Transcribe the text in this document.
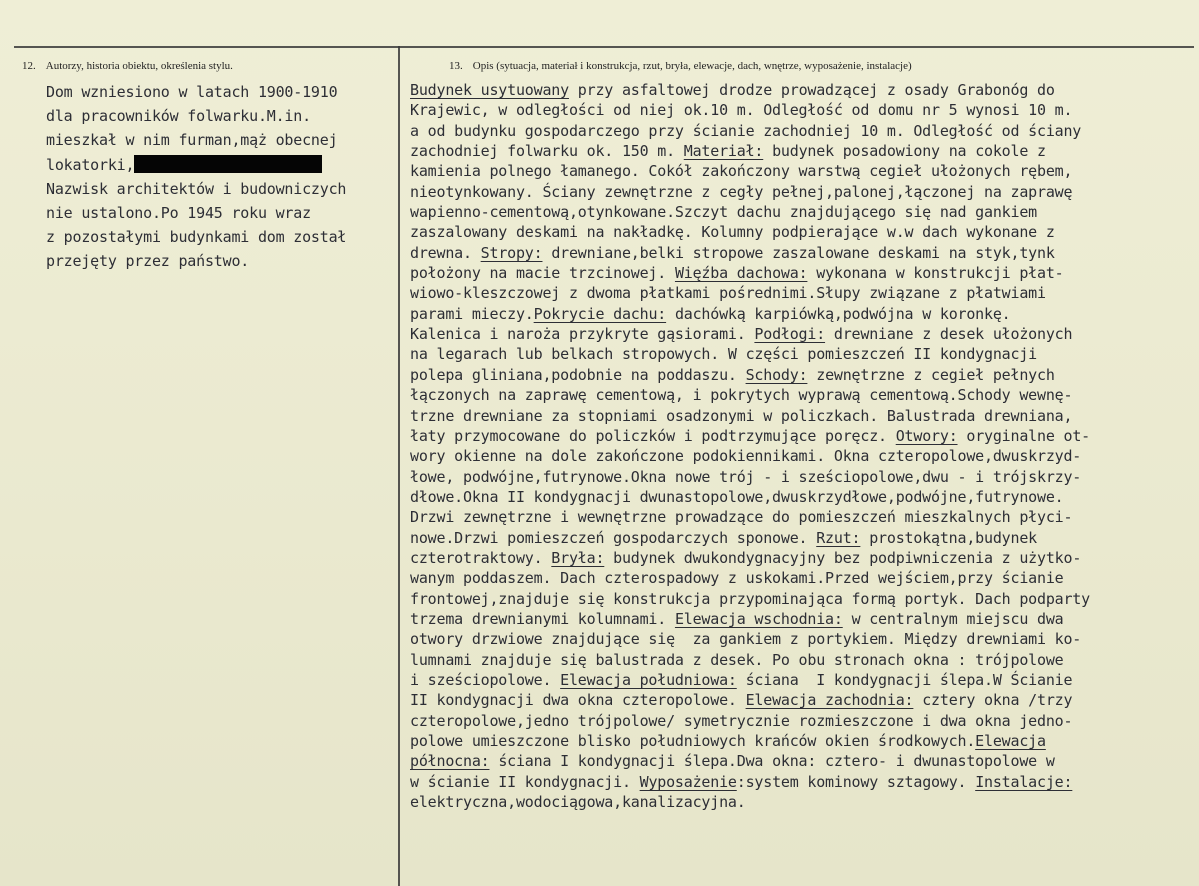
12. Autorzy, historia obiektu, określenia stylu.	13. Opis (sytuacja, materiał i konstrukcja, rzut, bryła, elewacje, dach, wnętrze, wyposażenie, instalacje)
Dom wzniesiono w latach 1900-1910
dla pracowników folwarku.M.in.
mieszkał w nim furman,mąż obecnej
lokatorki,
Nazwisk architektów i budowniczych
nie ustalono.Po 1945 roku wraz
z pozostałymi budynkami dom został
przejęty przez państwo.
Budynek usytuowany przy asfaltowej drodze prowadzącej z osady Grabonóg do
Krajewic, w odległości od niej ok.10 m. Odległość od domu nr 5 wynosi 10 m.
a od budynku gospodarczego przy ścianie zachodniej 10 m. Odległość od ściany
zachodniej folwarku ok. 150 m. Materiał: budynek posadowiony na cokole z
kamienia polnego łamanego. Cokół zakończony warstwą cegieł ułożonych rębem,
nieotynkowany. Ściany zewnętrzne z cegły pełnej,palonej,łączonej na zaprawę
wapienno-cementową,otynkowane.Szczyt dachu znajdującego się nad gankiem
zaszalowany deskami na nakładkę. Kolumny podpierające w.w dach wykonane z
drewna. Stropy: drewniane,belki stropowe zaszalowane deskami na styk,tynk
położony na macie trzcinowej. Więźba dachowa: wykonana w konstrukcji płat-
wiowo-kleszczowej z dwoma płatkami pośrednimi.Słupy związane z płatwiami
parami mieczy.Pokrycie dachu: dachówką karpiówką,podwójna w koronkę.
Kalenica i naroża przykryte gąsiorami. Podłogi: drewniane z desek ułożonych
na legarach lub belkach stropowych. W części pomieszczeń II kondygnacji
polepa gliniana,podobnie na poddaszu. Schody: zewnętrzne z cegieł pełnych
łączonych na zaprawę cementową, i pokrytych wyprawą cementową.Schody wewnę-
trzne drewniane za stopniami osadzonymi w policzkach. Balustrada drewniana,
łaty przymocowane do policzków i podtrzymujące poręcz. Otwory: oryginalne ot-
wory okienne na dole zakończone podokiennikami. Okna czteropolowe,dwuskrzyd-
łowe, podwójne,futrynowe.Okna nowe trój - i sześciopolowe,dwu - i trójskrzy-
dłowe.Okna II kondygnacji dwunastopolowe,dwuskrzydłowe,podwójne,futrynowe.
Drzwi zewnętrzne i wewnętrzne prowadzące do pomieszczeń mieszkalnych płyci-
nowe.Drzwi pomieszczeń gospodarczych sponowe. Rzut: prostokątna,budynek
czterotraktowy. Bryła: budynek dwukondygnacyjny bez podpiwniczenia z użytko-
wanym poddaszem. Dach czterospadowy z uskokami.Przed wejściem,przy ścianie
frontowej,znajduje się konstrukcja przypominająca formą portyk. Dach podparty
trzema drewnianymi kolumnami. Elewacja wschodnia: w centralnym miejscu dwa
otwory drzwiowe znajdujące się  za gankiem z portykiem. Między drewniami ko-
lumnami znajduje się balustrada z desek. Po obu stronach okna : trójpolowe
i sześciopolowe. Elewacja południowa: ściana  I kondygnacji ślepa.W Ścianie
II kondygnacji dwa okna czteropolowe. Elewacja zachodnia: cztery okna /trzy
czteropolowe,jedno trójpolowe/ symetrycznie rozmieszczone i dwa okna jedno-
polowe umieszczone blisko południowych krańców okien środkowych.Elewacja
północna: ściana I kondygnacji ślepa.Dwa okna: cztero- i dwunastopolowe w
w ścianie II kondygnacji. Wyposażenie:system kominowy sztagowy. Instalacje:
elektryczna,wodociągowa,kanalizacyjna.
